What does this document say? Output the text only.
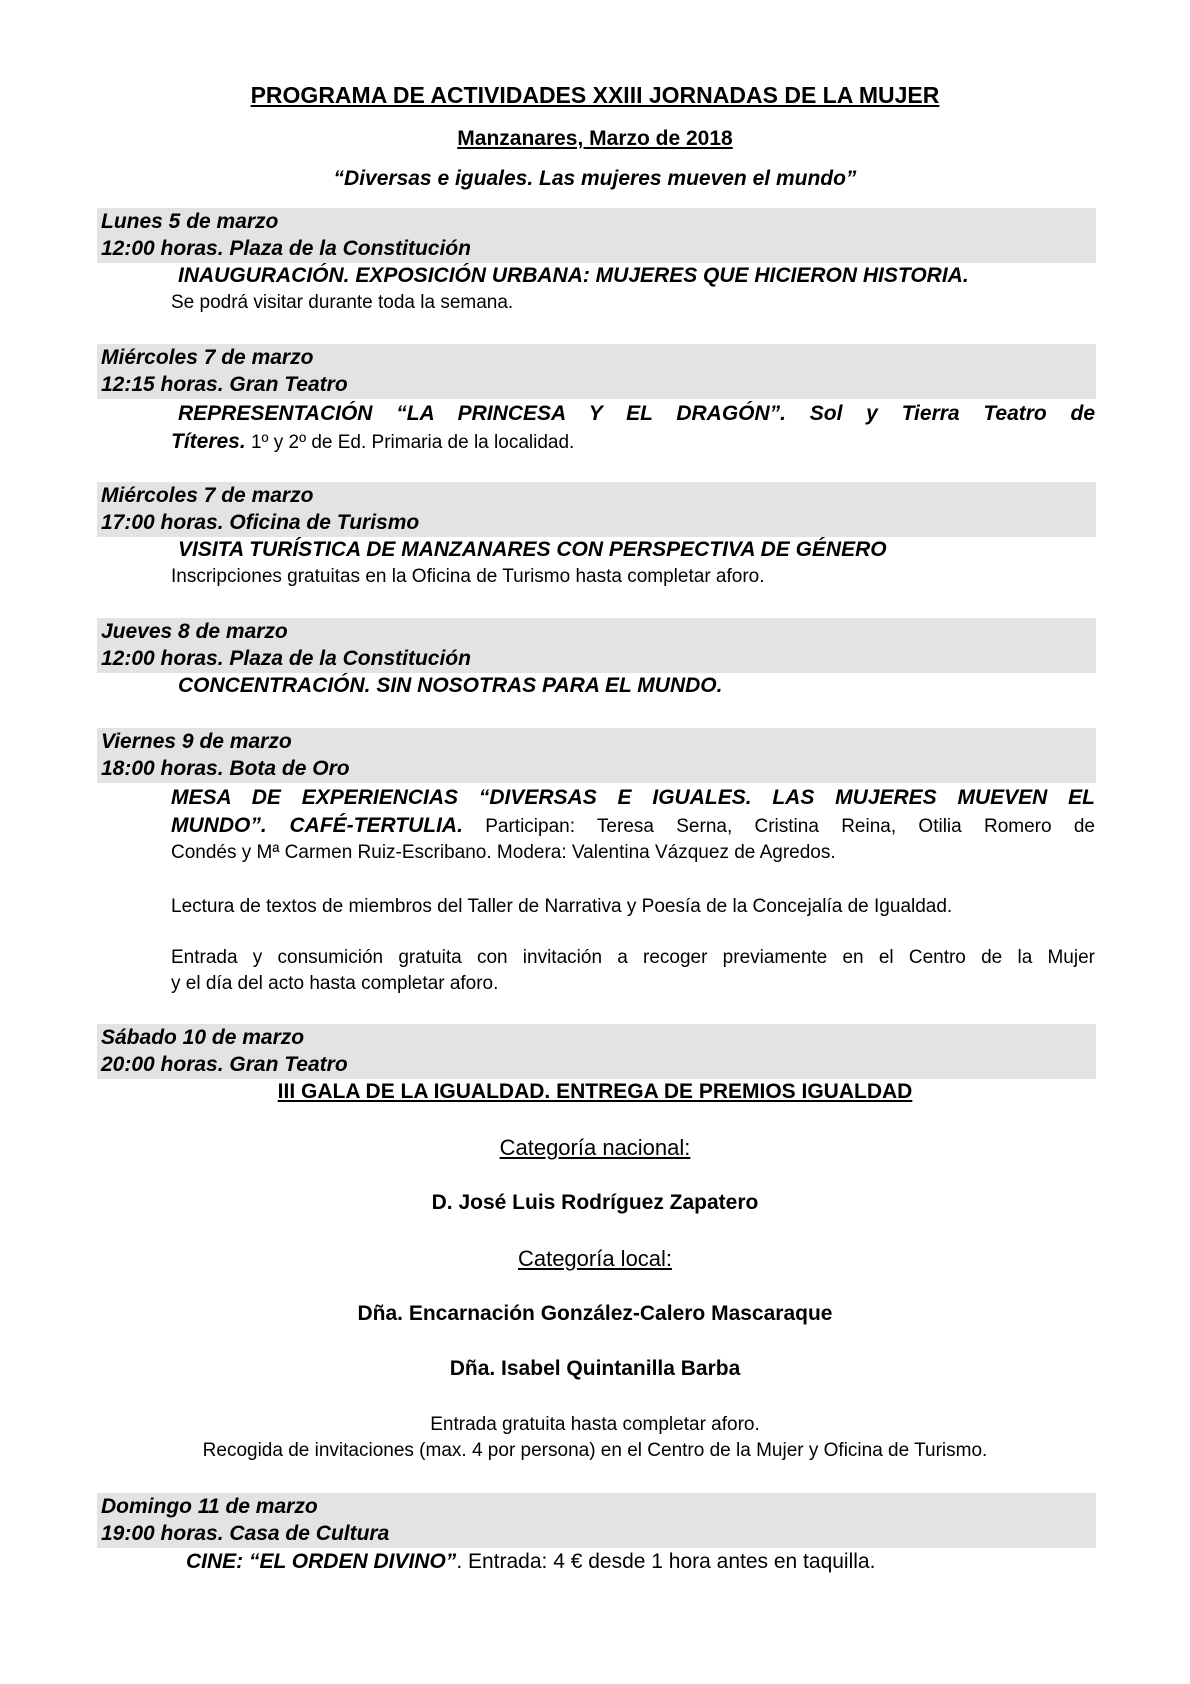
PROGRAMA DE ACTIVIDADES XXIII JORNADAS DE LA MUJER
Manzanares, Marzo de 2018
“Diversas e iguales. Las mujeres mueven el mundo”
Lunes 5 de marzo
12:00 horas. Plaza de la Constitución
INAUGURACIÓN. EXPOSICIÓN URBANA: MUJERES QUE HICIERON HISTORIA.
Se podrá visitar durante toda la semana.
Miércoles 7 de marzo
12:15 horas. Gran Teatro
REPRESENTACIÓN “LA PRINCESA Y EL DRAGÓN”. Sol y Tierra Teatro de
Títeres. 1º y 2º de Ed. Primaria de la localidad.
Miércoles 7 de marzo
17:00 horas. Oficina de Turismo
VISITA TURÍSTICA DE MANZANARES CON PERSPECTIVA DE GÉNERO
Inscripciones gratuitas en la Oficina de Turismo hasta completar aforo.
Jueves 8 de marzo
12:00 horas. Plaza de la Constitución
CONCENTRACIÓN. SIN NOSOTRAS PARA EL MUNDO.
Viernes 9 de marzo
18:00 horas. Bota de Oro
MESA DE EXPERIENCIAS “DIVERSAS E IGUALES. LAS MUJERES MUEVEN EL
MUNDO”. CAFÉ-TERTULIA. Participan: Teresa Serna, Cristina Reina, Otilia Romero de
Condés y Mª Carmen Ruiz-Escribano. Modera: Valentina Vázquez de Agredos.
Lectura de textos de miembros del Taller de Narrativa y Poesía de la Concejalía de Igualdad.
Entrada y consumición gratuita con invitación a recoger previamente en el Centro de la Mujer
y el día del acto hasta completar aforo.
Sábado 10 de marzo
20:00 horas. Gran Teatro
III GALA DE LA IGUALDAD. ENTREGA DE PREMIOS IGUALDAD
Categoría nacional:
D. José Luis Rodríguez Zapatero
Categoría local:
Dña. Encarnación González-Calero Mascaraque
Dña. Isabel Quintanilla Barba
Entrada gratuita hasta completar aforo.
Recogida de invitaciones (max. 4 por persona) en el Centro de la Mujer y Oficina de Turismo.
Domingo 11 de marzo
19:00 horas. Casa de Cultura
CINE: “EL ORDEN DIVINO”. Entrada: 4 € desde 1 hora antes en taquilla.
